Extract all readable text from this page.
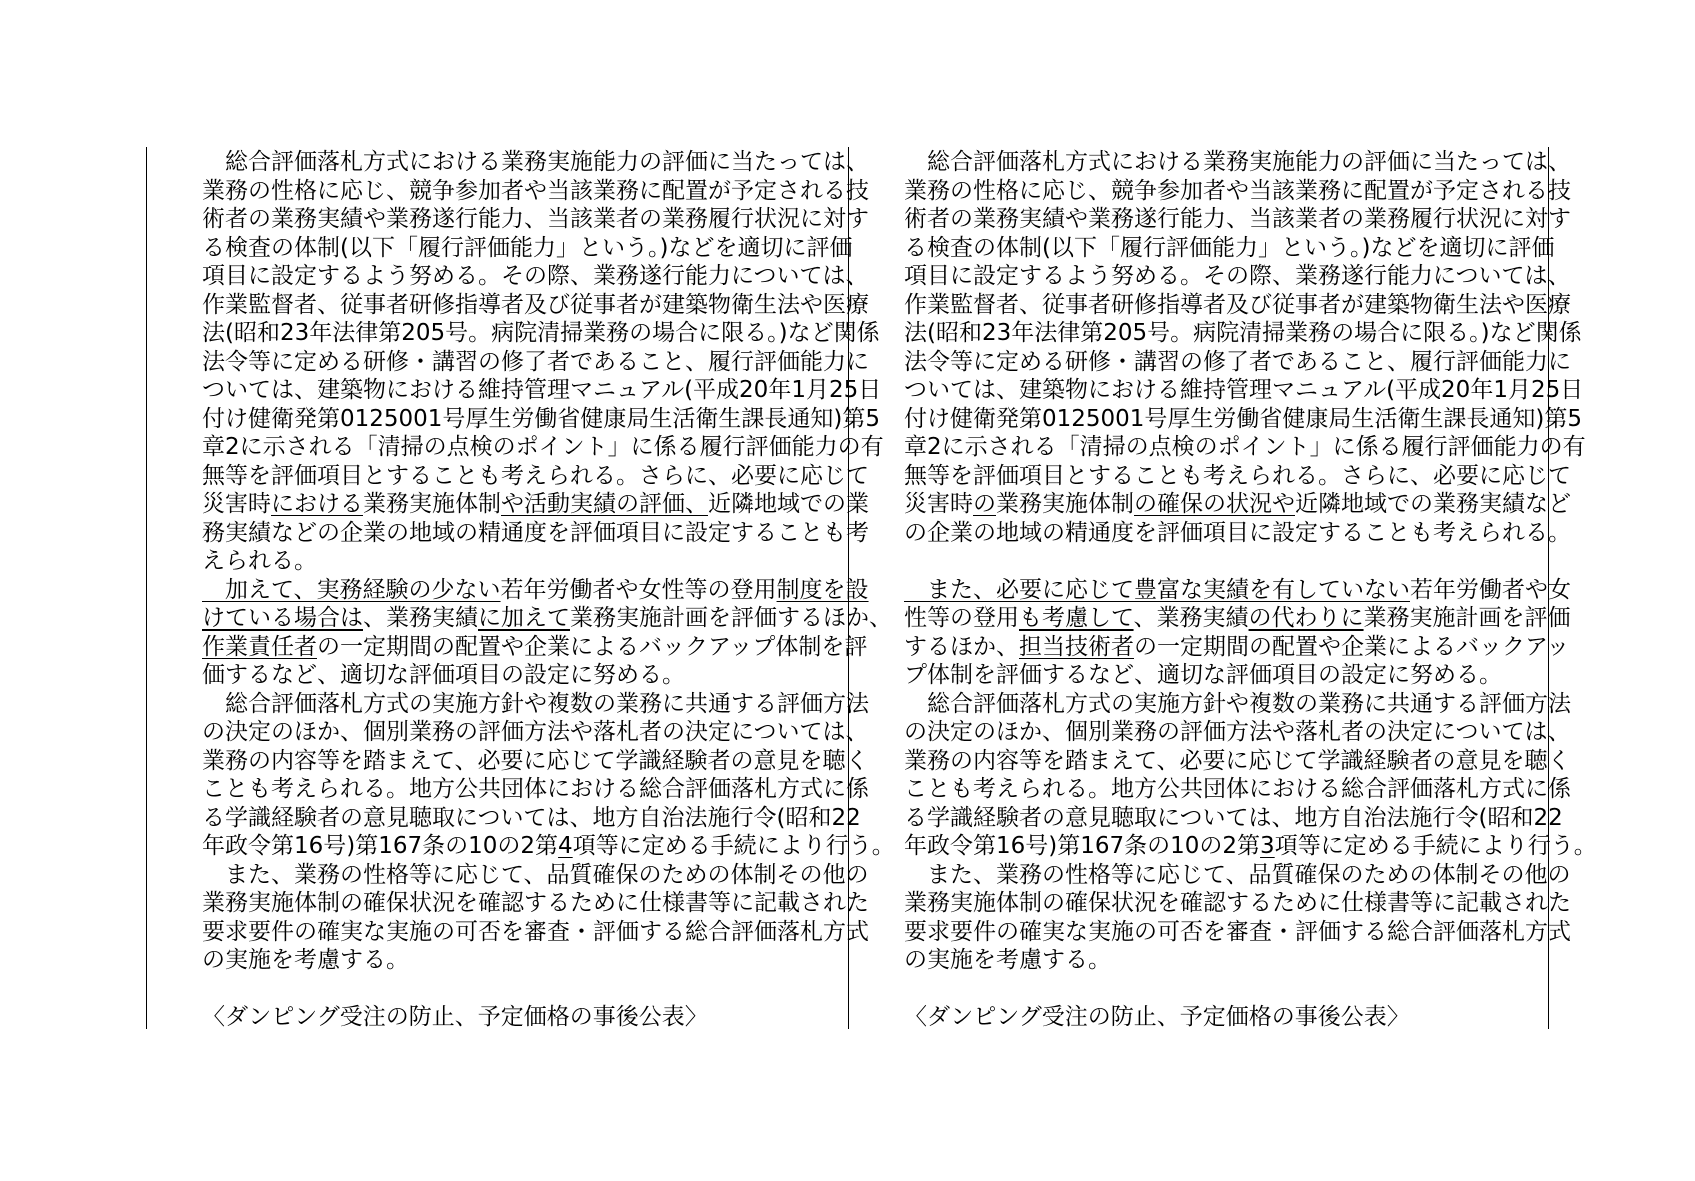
　総合評価落札方式における業務実施能力の評価に当たっては、
業務の性格に応じ、競争参加者や当該業務に配置が予定される技
術者の業務実績や業務遂行能力、当該業者の業務履行状況に対す
る検査の体制(以下「履行評価能力」という。)などを適切に評価
項目に設定するよう努める。その際、業務遂行能力については、
作業監督者、従事者研修指導者及び従事者が建築物衛生法や医療
法(昭和23年法律第205号。病院清掃業務の場合に限る。)など関係
法令等に定める研修・講習の修了者であること、履行評価能力に
ついては、建築物における維持管理マニュアル(平成20年1月25日
付け健衛発第0125001号厚生労働省健康局生活衛生課長通知)第5
章2に示される「清掃の点検のポイント」に係る履行評価能力の有
無等を評価項目とすることも考えられる。さらに、必要に応じて
災害時における業務実施体制や活動実績の評価、近隣地域での業
務実績などの企業の地域の精通度を評価項目に設定することも考
えられる。
　加えて、実務経験の少ない若年労働者や女性等の登用制度を設
けている場合は、業務実績に加えて業務実施計画を評価するほか、
作業責任者の一定期間の配置や企業によるバックアップ体制を評
価するなど、適切な評価項目の設定に努める。
　総合評価落札方式の実施方針や複数の業務に共通する評価方法
の決定のほか、個別業務の評価方法や落札者の決定については、
業務の内容等を踏まえて、必要に応じて学識経験者の意見を聴く
ことも考えられる。地方公共団体における総合評価落札方式に係
る学識経験者の意見聴取については、地方自治法施行令(昭和22
年政令第16号)第167条の10の2第4項等に定める手続により行う。
　また、業務の性格等に応じて、品質確保のための体制その他の
業務実施体制の確保状況を確認するために仕様書等に記載された
要求要件の確実な実施の可否を審査・評価する総合評価落札方式
の実施を考慮する。

〈ダンピング受注の防止、予定価格の事後公表〉
　総合評価落札方式における業務実施能力の評価に当たっては、
業務の性格に応じ、競争参加者や当該業務に配置が予定される技
術者の業務実績や業務遂行能力、当該業者の業務履行状況に対す
る検査の体制(以下「履行評価能力」という。)などを適切に評価
項目に設定するよう努める。その際、業務遂行能力については、
作業監督者、従事者研修指導者及び従事者が建築物衛生法や医療
法(昭和23年法律第205号。病院清掃業務の場合に限る。)など関係
法令等に定める研修・講習の修了者であること、履行評価能力に
ついては、建築物における維持管理マニュアル(平成20年1月25日
付け健衛発第0125001号厚生労働省健康局生活衛生課長通知)第5
章2に示される「清掃の点検のポイント」に係る履行評価能力の有
無等を評価項目とすることも考えられる。さらに、必要に応じて
災害時の業務実施体制の確保の状況や近隣地域での業務実績など
の企業の地域の精通度を評価項目に設定することも考えられる。

　また、必要に応じて豊富な実績を有していない若年労働者や女
性等の登用も考慮して、業務実績の代わりに業務実施計画を評価
するほか、担当技術者の一定期間の配置や企業によるバックアッ
プ体制を評価するなど、適切な評価項目の設定に努める。
　総合評価落札方式の実施方針や複数の業務に共通する評価方法
の決定のほか、個別業務の評価方法や落札者の決定については、
業務の内容等を踏まえて、必要に応じて学識経験者の意見を聴く
ことも考えられる。地方公共団体における総合評価落札方式に係
る学識経験者の意見聴取については、地方自治法施行令(昭和22
年政令第16号)第167条の10の2第3項等に定める手続により行う。
　また、業務の性格等に応じて、品質確保のための体制その他の
業務実施体制の確保状況を確認するために仕様書等に記載された
要求要件の確実な実施の可否を審査・評価する総合評価落札方式
の実施を考慮する。

〈ダンピング受注の防止、予定価格の事後公表〉
